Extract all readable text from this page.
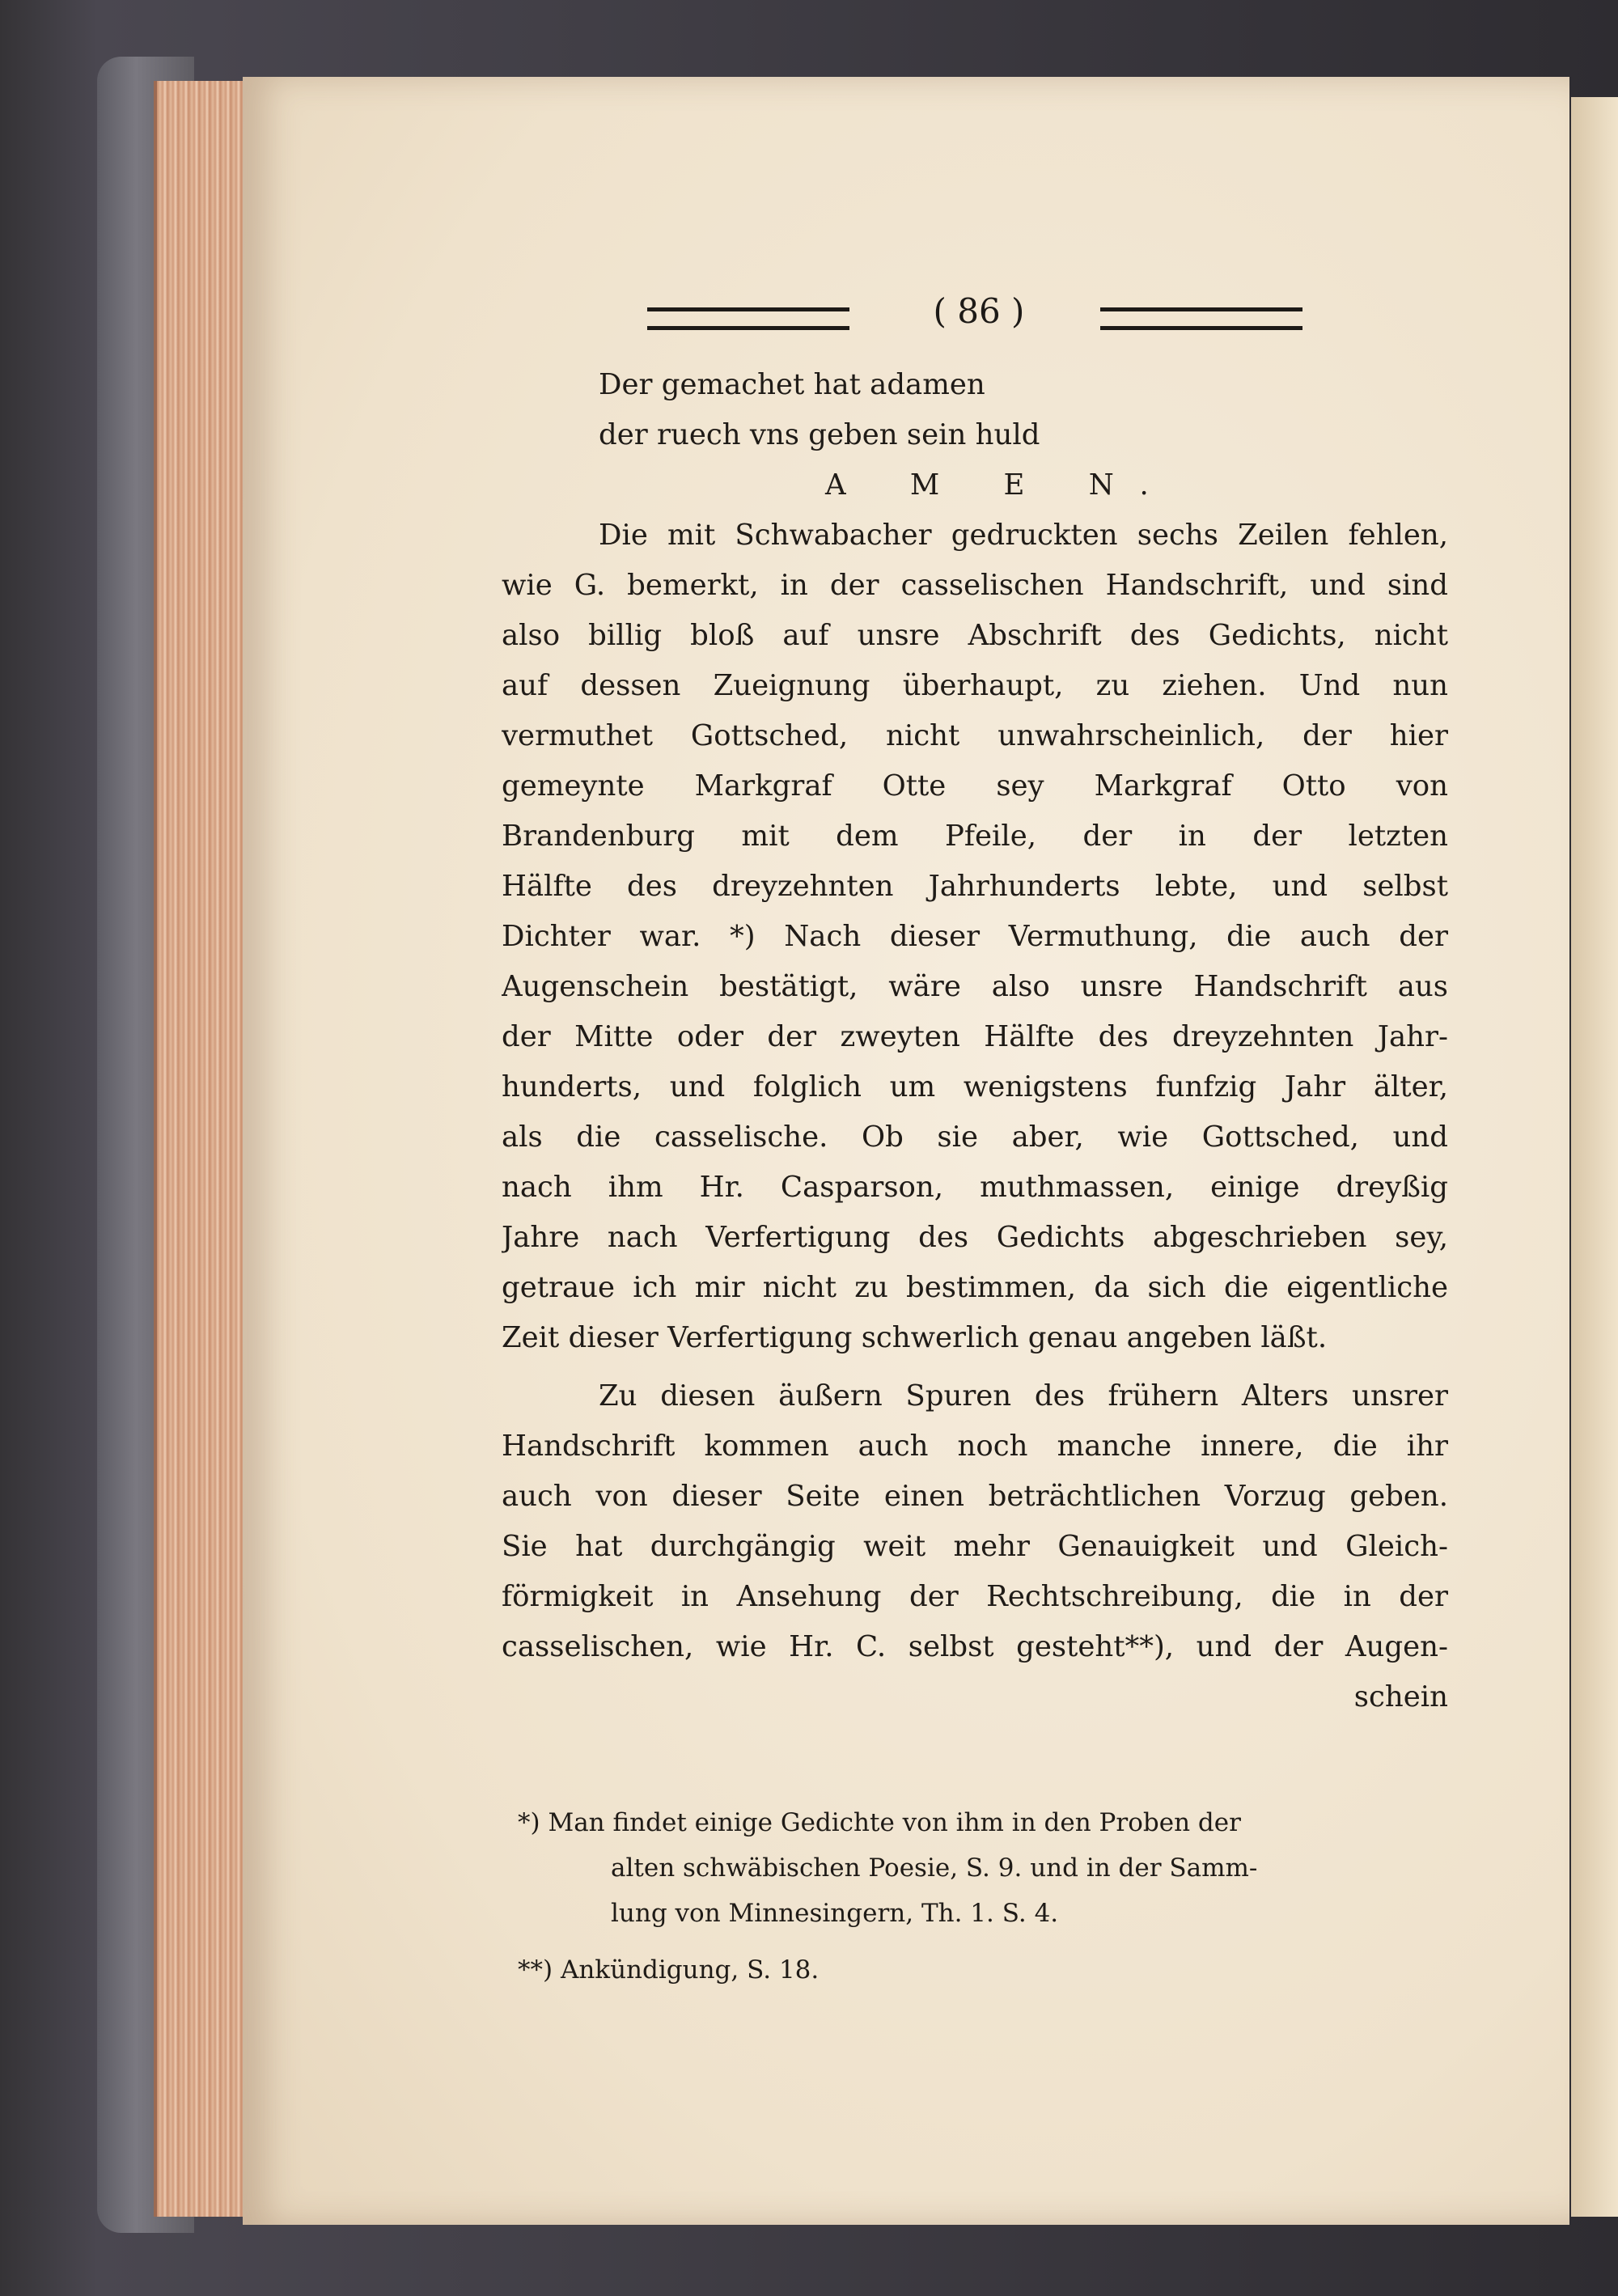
( 86 )
Der gemachet hat adamen
der ruech vns geben sein huld
A M E N.
Die mit Schwabacher gedruckten sechs Zeilen fehlen,
wie G. bemerkt, in der casselischen Handschrift, und sind
also billig bloß auf unsre Abschrift des Gedichts, nicht
auf dessen Zueignung überhaupt, zu ziehen. Und nun
vermuthet Gottsched, nicht unwahrscheinlich, der hier
gemeynte Markgraf Otte sey Markgraf Otto von
Brandenburg mit dem Pfeile, der in der letzten
Hälfte des dreyzehnten Jahrhunderts lebte, und selbst
Dichter war. *) Nach dieser Vermuthung, die auch der
Augenschein bestätigt, wäre also unsre Handschrift aus
der Mitte oder der zweyten Hälfte des dreyzehnten Jahr-
hunderts, und folglich um wenigstens funfzig Jahr älter,
als die casselische. Ob sie aber, wie Gottsched, und
nach ihm Hr. Casparson, muthmassen, einige dreyßig
Jahre nach Verfertigung des Gedichts abgeschrieben sey,
getraue ich mir nicht zu bestimmen, da sich die eigentliche
Zeit dieser Verfertigung schwerlich genau angeben läßt.
Zu diesen äußern Spuren des frühern Alters unsrer
Handschrift kommen auch noch manche innere, die ihr
auch von dieser Seite einen beträchtlichen Vorzug geben.
Sie hat durchgängig weit mehr Genauigkeit und Gleich-
förmigkeit in Ansehung der Rechtschreibung, die in der
casselischen, wie Hr. C. selbst gesteht**), und der Augen-
schein
*) Man findet einige Gedichte von ihm in den Proben der
alten schwäbischen Poesie, S. 9. und in der Samm-
lung von Minnesingern, Th. 1. S. 4.
**) Ankündigung, S. 18.
